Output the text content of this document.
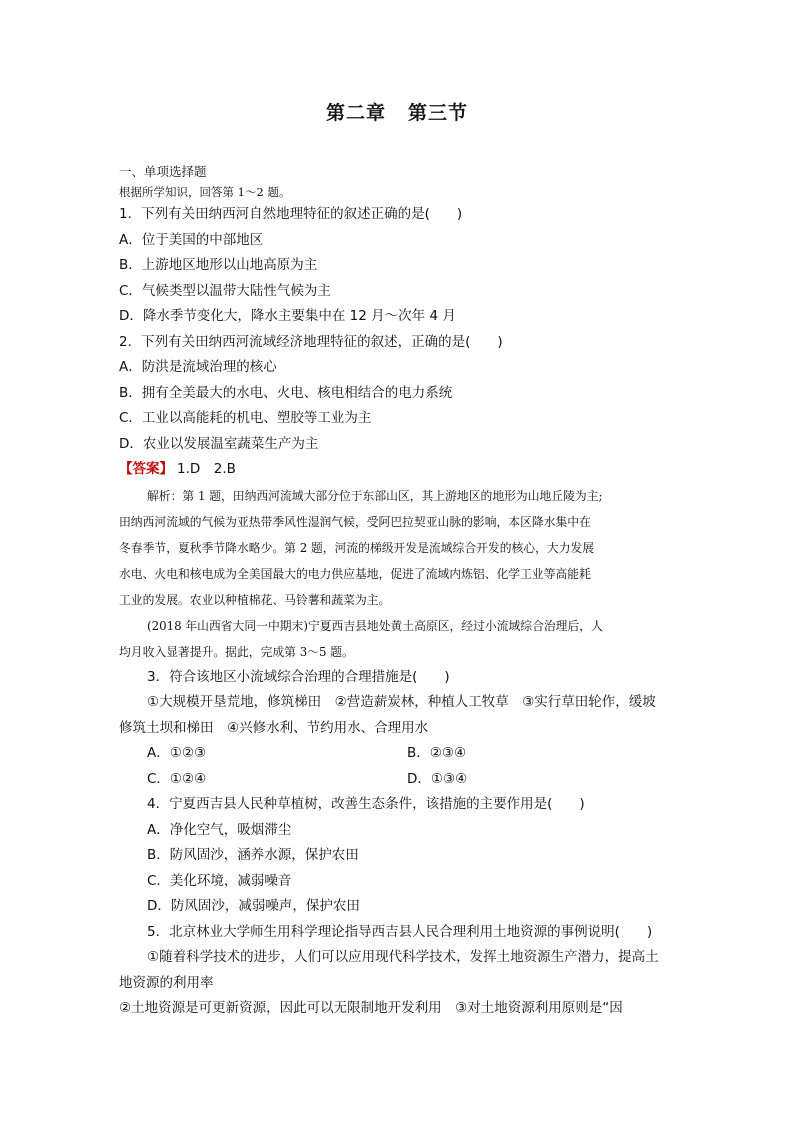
第二章 第三节
一、单项选择题
根据所学知识，回答第 1～2 题。
1．下列有关田纳西河自然地理特征的叙述正确的是(　　)
A．位于美国的中部地区
B．上游地区地形以山地高原为主
C．气候类型以温带大陆性气候为主
D．降水季节变化大，降水主要集中在 12 月～次年 4 月
2．下列有关田纳西河流域经济地理特征的叙述，正确的是(　　)
A．防洪是流域治理的核心
B．拥有全美最大的水电、火电、核电相结合的电力系统
C．工业以高能耗的机电、塑胶等工业为主
D．农业以发展温室蔬菜生产为主
【答案】 1.D　2.B
解析：第 1 题，田纳西河流域大部分位于东部山区，其上游地区的地形为山地丘陵为主;
田纳西河流域的气候为亚热带季风性湿润气候，受阿巴拉契亚山脉的影响，本区降水集中在
冬春季节，夏秋季节降水略少。第 2 题，河流的梯级开发是流域综合开发的核心，大力发展
水电、火电和核电成为全美国最大的电力供应基地，促进了流域内炼铝、化学工业等高能耗
工业的发展。农业以种植棉花、马铃薯和蔬菜为主。
(2018 年山西省大同一中期末)宁夏西吉县地处黄土高原区，经过小流域综合治理后，人
均月收入显著提升。据此，完成第 3～5 题。
3．符合该地区小流域综合治理的合理措施是(　　)
①大规模开垦荒地，修筑梯田　②营造薪炭林，种植人工牧草　③实行草田轮作，缓坡
修筑土坝和梯田　④兴修水利、节约用水、合理用水
A．①②③	B．②③④
C．①②④	D．①③④
4．宁夏西吉县人民种草植树，改善生态条件，该措施的主要作用是(　　)
A．净化空气，吸烟滞尘
B．防风固沙，涵养水源，保护农田
C．美化环境，减弱噪音
D．防风固沙，减弱噪声，保护农田
5．北京林业大学师生用科学理论指导西吉县人民合理利用土地资源的事例说明(　　)
①随着科学技术的进步，人们可以应用现代科学技术，发挥土地资源生产潜力，提高土
地资源的利用率
②土地资源是可更新资源，因此可以无限制地开发利用　③对土地资源利用原则是“因
